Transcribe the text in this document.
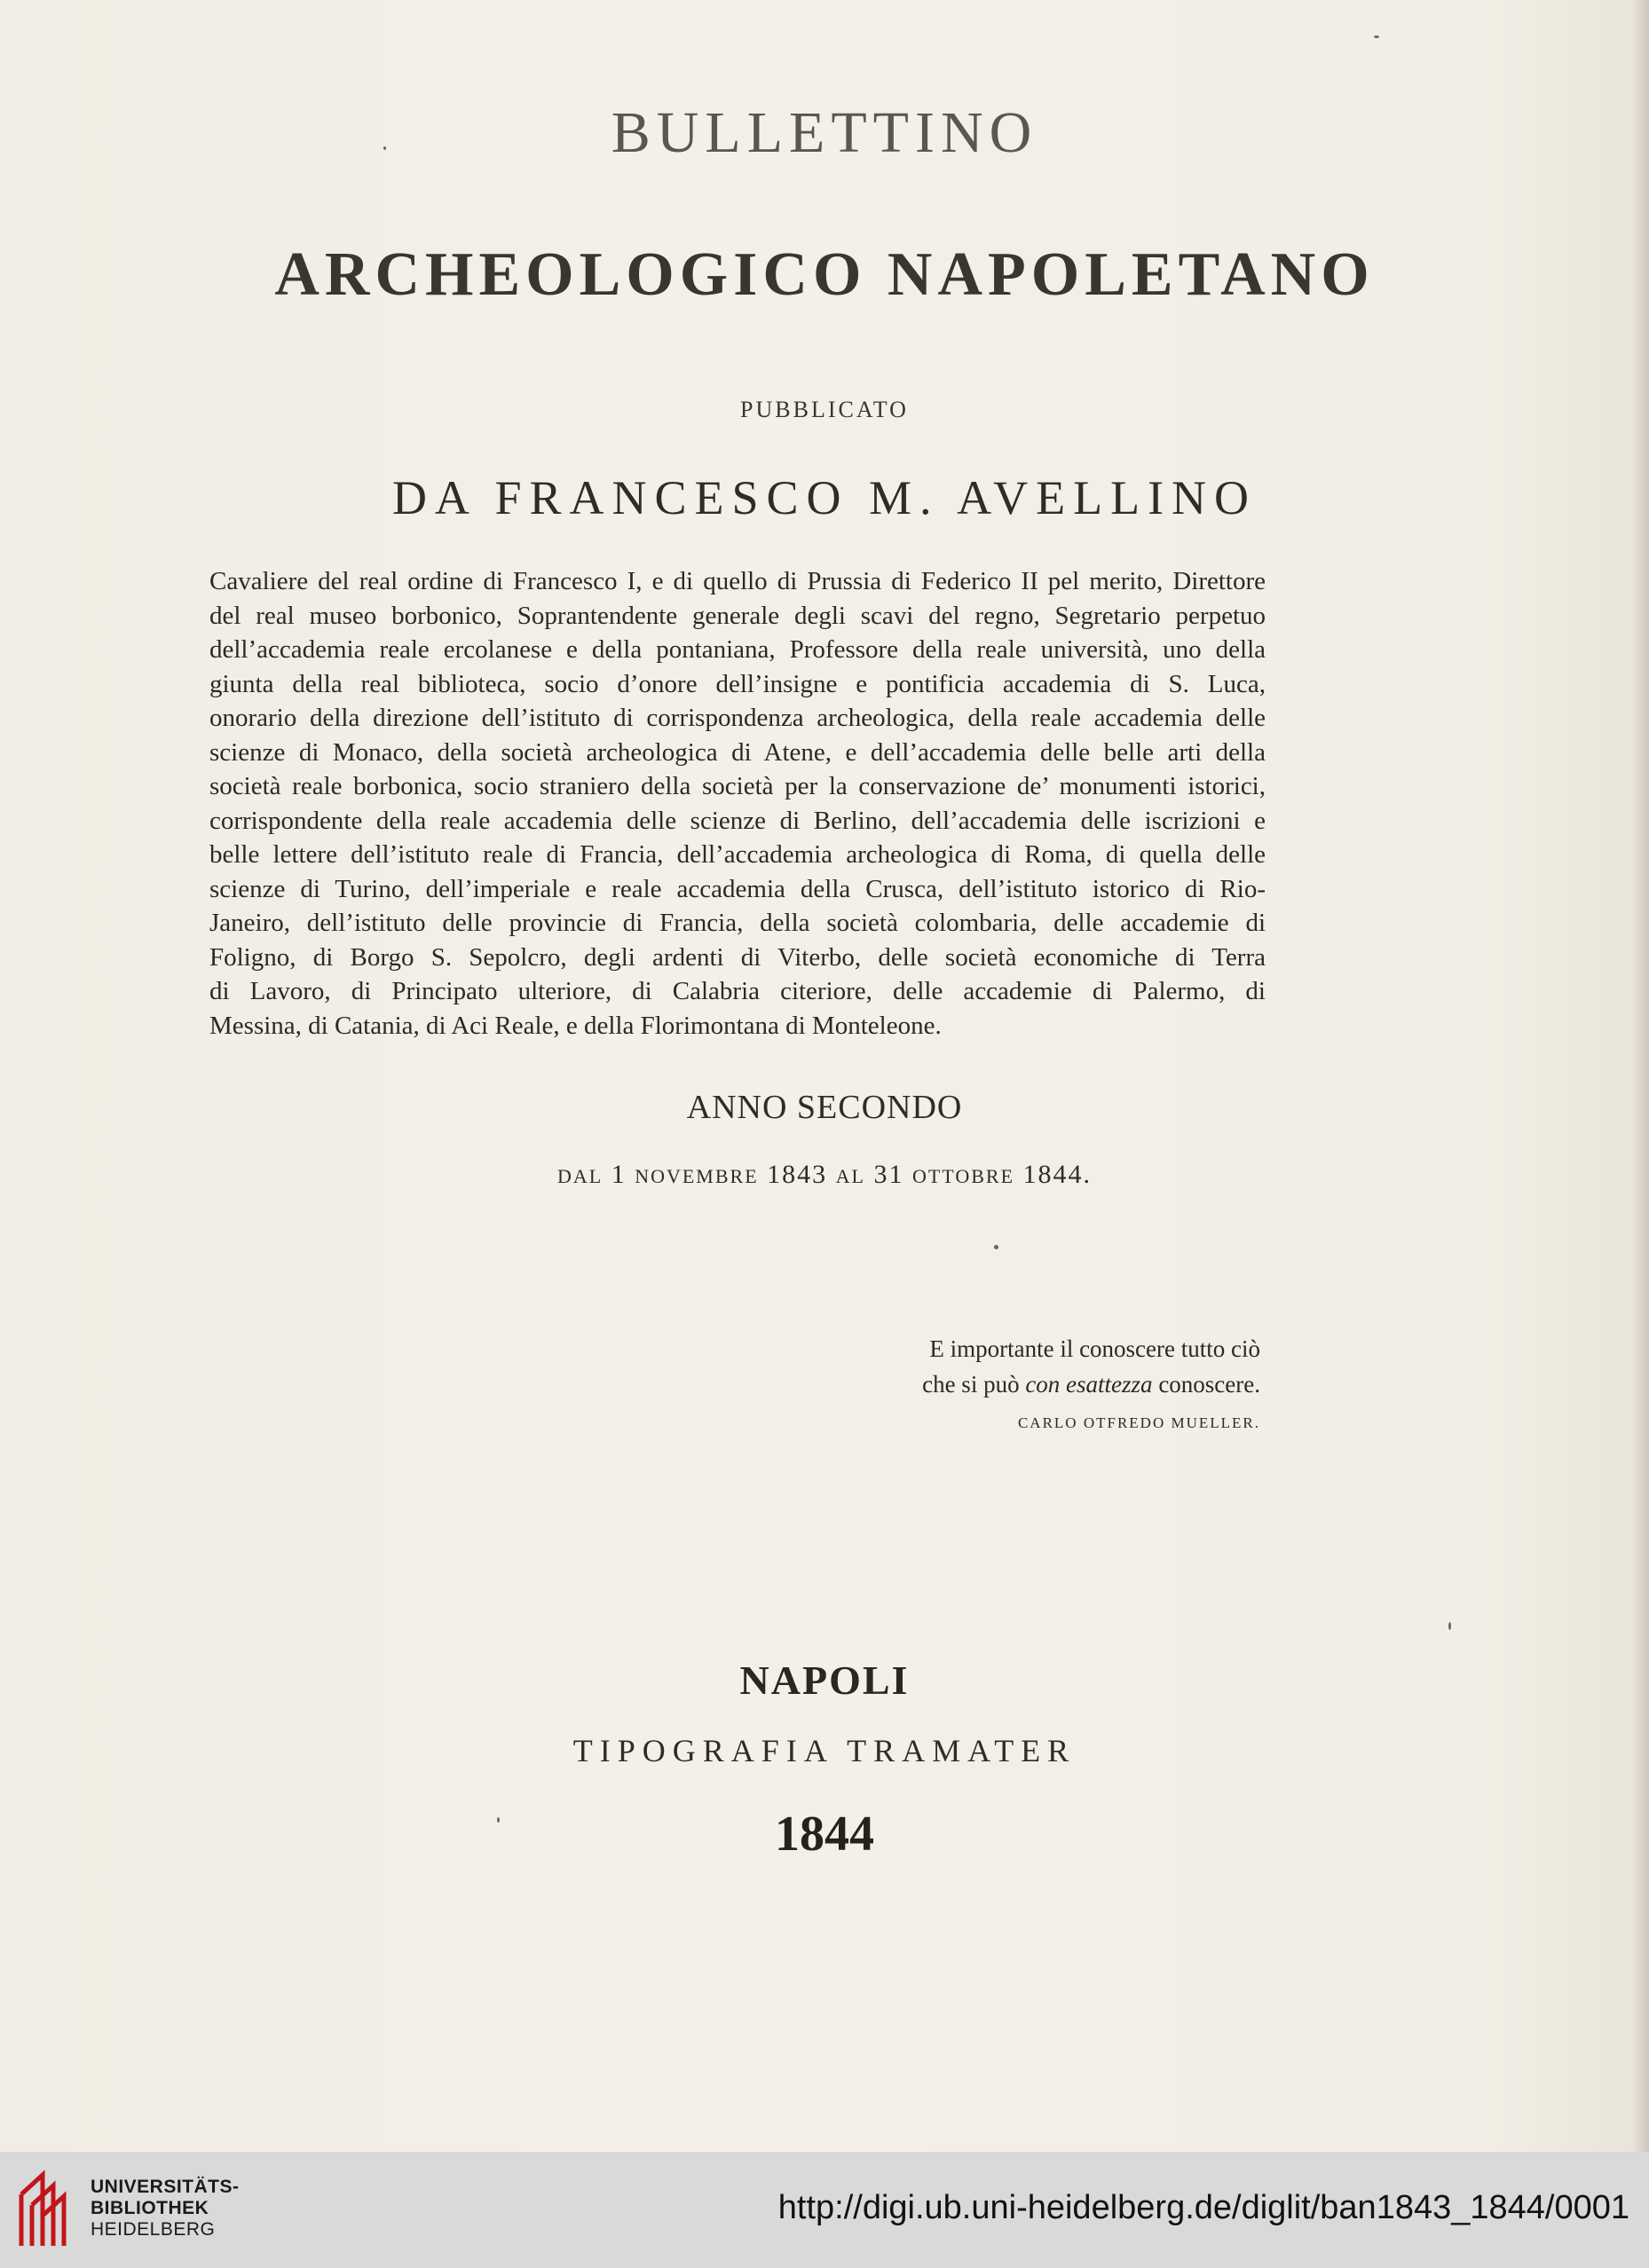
BULLETTINO
ARCHEOLOGICO NAPOLETANO
PUBBLICATO
DA FRANCESCO M. AVELLINO
Cavaliere del real ordine di Francesco I, e di quello di Prussia di Federico II pel merito, Direttore
del real museo borbonico, Soprantendente generale degli scavi del regno, Segretario perpetuo
dell’accademia reale ercolanese e della pontaniana, Professore della reale università, uno della
giunta della real biblioteca, socio d’onore dell’insigne e pontificia accademia di S. Luca,
onorario della direzione dell’istituto di corrispondenza archeologica, della reale accademia delle
scienze di Monaco, della società archeologica di Atene, e dell’accademia delle belle arti della
società reale borbonica, socio straniero della società per la conservazione de’ monumenti istorici,
corrispondente della reale accademia delle scienze di Berlino, dell’accademia delle iscrizioni e
belle lettere dell’istituto reale di Francia, dell’accademia archeologica di Roma, di quella delle
scienze di Turino, dell’imperiale e reale accademia della Crusca, dell’istituto istorico di Rio-
Janeiro, dell’istituto delle provincie di Francia, della società colombaria, delle accademie di
Foligno, di Borgo S. Sepolcro, degli ardenti di Viterbo, delle società economiche di Terra
di Lavoro, di Principato ulteriore, di Calabria citeriore, delle accademie di Palermo, di
Messina, di Catania, di Aci Reale, e della Florimontana di Monteleone.
ANNO SECONDO
DAL 1 NOVEMBRE 1843 AL 31 OTTOBRE 1844.
E importante il conoscere tutto ciò
che si può con esattezza conoscere.
CARLO OTFREDO MUELLER.
NAPOLI
TIPOGRAFIA TRAMATER
1844
UNIVERSITÄTS-
BIBLIOTHEK
HEIDELBERG
http://digi.ub.uni-heidelberg.de/diglit/ban1843_1844/0001
